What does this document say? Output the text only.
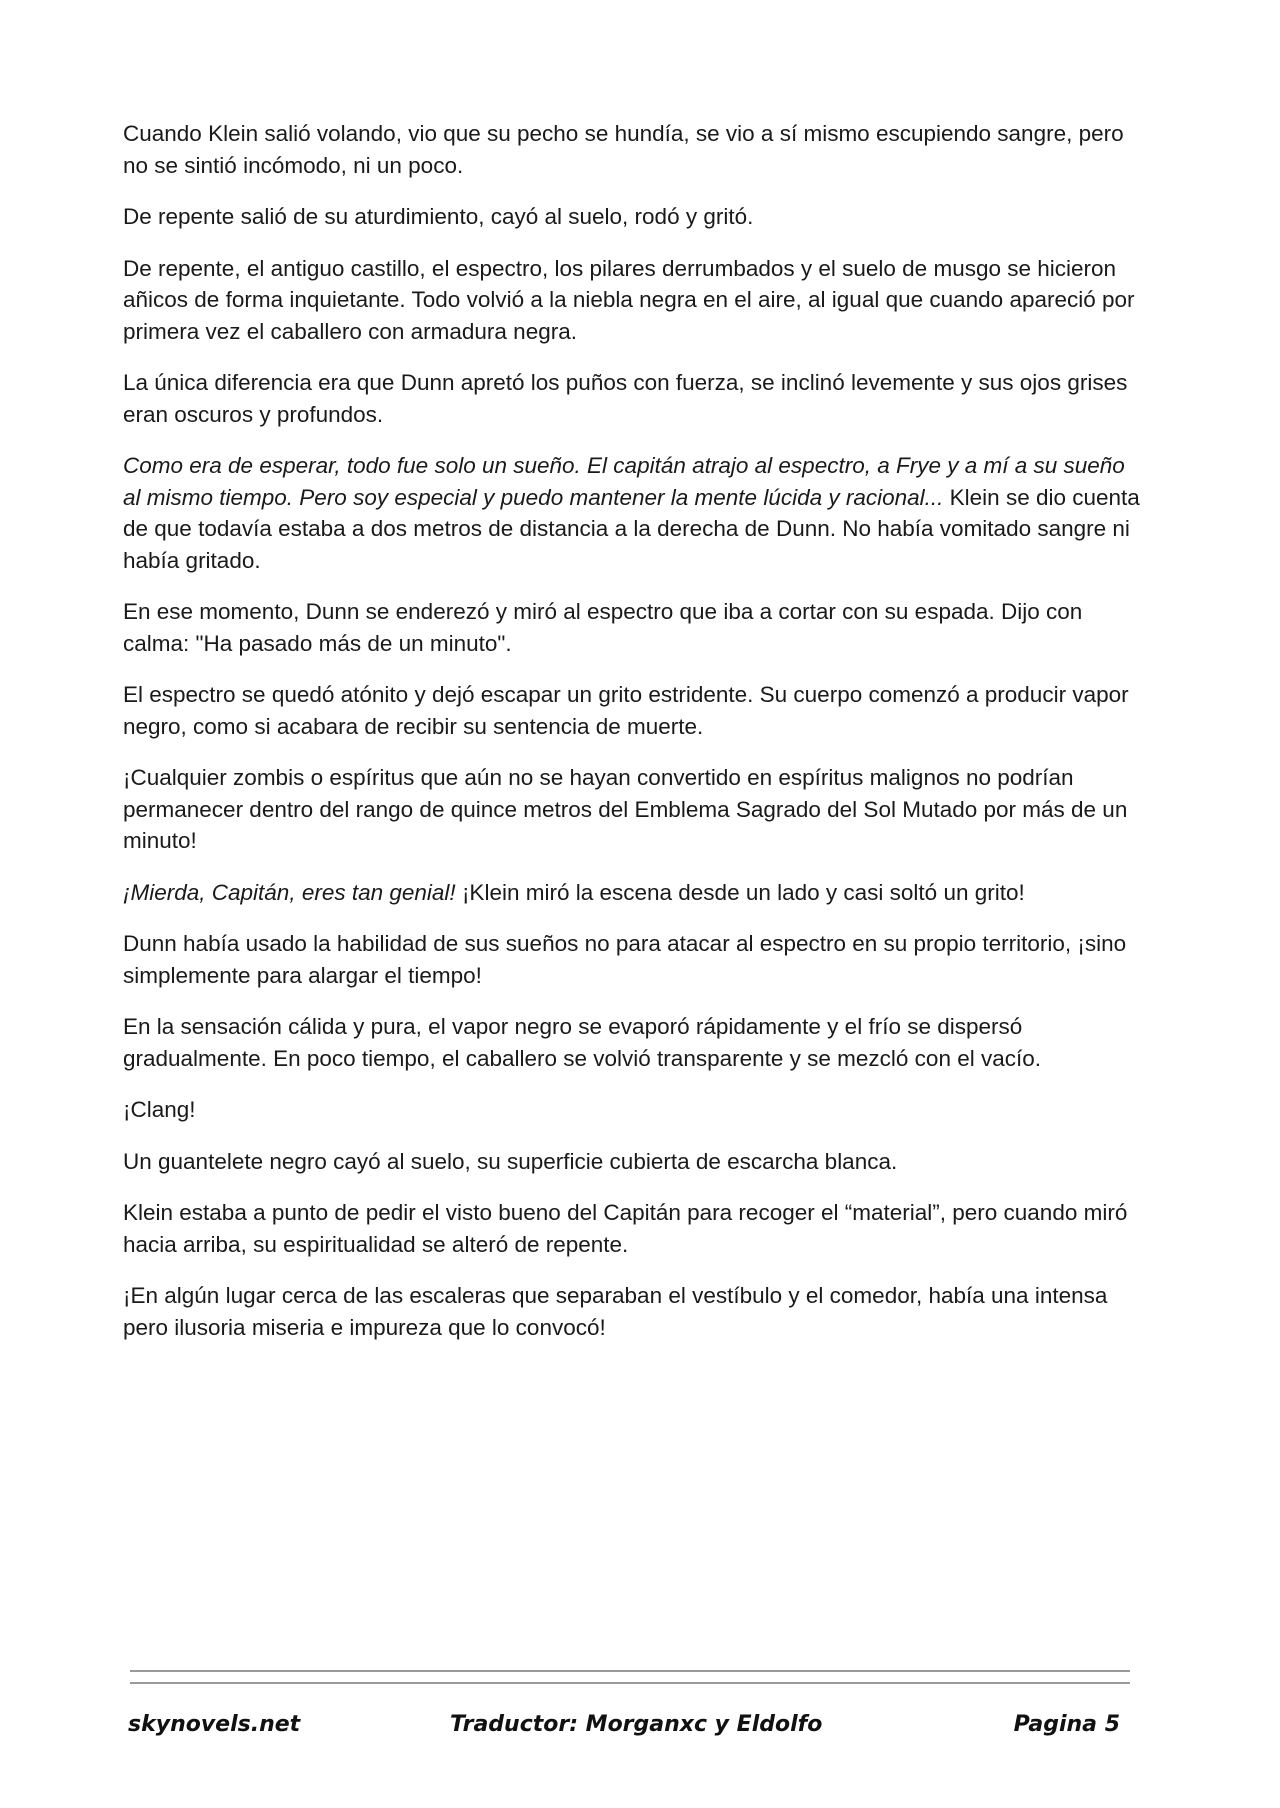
Cuando Klein salió volando, vio que su pecho se hundía, se vio a sí mismo escupiendo sangre, pero no se sintió incómodo, ni un poco.

De repente salió de su aturdimiento, cayó al suelo, rodó y gritó.

De repente, el antiguo castillo, el espectro, los pilares derrumbados y el suelo de musgo se hicieron añicos de forma inquietante. Todo volvió a la niebla negra en el aire, al igual que cuando apareció por primera vez el caballero con armadura negra.

La única diferencia era que Dunn apretó los puños con fuerza, se inclinó levemente y sus ojos grises eran oscuros y profundos.

Como era de esperar, todo fue solo un sueño. El capitán atrajo al espectro, a Frye y a mí a su sueño al mismo tiempo. Pero soy especial y puedo mantener la mente lúcida y racional... Klein se dio cuenta de que todavía estaba a dos metros de distancia a la derecha de Dunn. No había vomitado sangre ni había gritado.

En ese momento, Dunn se enderezó y miró al espectro que iba a cortar con su espada. Dijo con calma: "Ha pasado más de un minuto".

El espectro se quedó atónito y dejó escapar un grito estridente. Su cuerpo comenzó a producir vapor negro, como si acabara de recibir su sentencia de muerte.

¡Cualquier zombis o espíritus que aún no se hayan convertido en espíritus malignos no podrían permanecer dentro del rango de quince metros del Emblema Sagrado del Sol Mutado por más de un minuto!

¡Mierda, Capitán, eres tan genial! ¡Klein miró la escena desde un lado y casi soltó un grito!

Dunn había usado la habilidad de sus sueños no para atacar al espectro en su propio territorio, ¡sino simplemente para alargar el tiempo!

En la sensación cálida y pura, el vapor negro se evaporó rápidamente y el frío se dispersó gradualmente. En poco tiempo, el caballero se volvió transparente y se mezcló con el vacío.

¡Clang!

Un guantelete negro cayó al suelo, su superficie cubierta de escarcha blanca.

Klein estaba a punto de pedir el visto bueno del Capitán para recoger el “material”, pero cuando miró hacia arriba, su espiritualidad se alteró de repente.

¡En algún lugar cerca de las escaleras que separaban el vestíbulo y el comedor, había una intensa pero ilusoria miseria e impureza que lo convocó!

skynovels.net	Traductor: Morganxc y Eldolfo	Pagina 5
